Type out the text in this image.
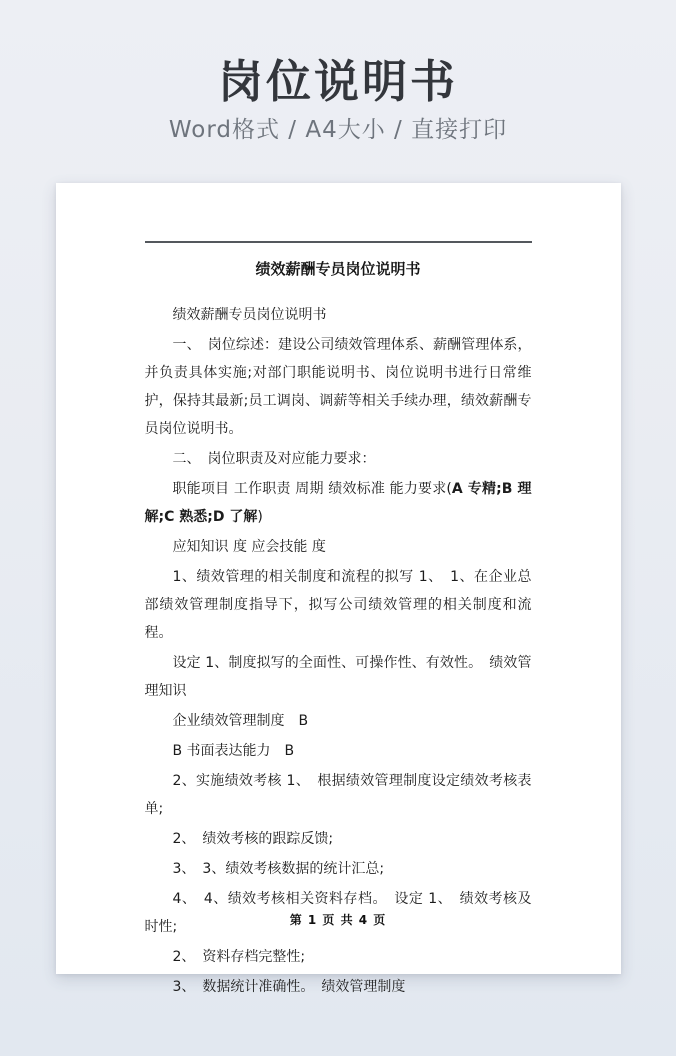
岗位说明书
Word格式 / A4大小 / 直接打印
绩效薪酬专员岗位说明书

绩效薪酬专员岗位说明书

一、　岗位综述：建设公司绩效管理体系、薪酬管理体系，并负责具体实施;对部门职能说明书、岗位说明书进行日常维护，保持其最新;员工调岗、调薪等相关手续办理，绩效薪酬专员岗位说明书。

二、　岗位职责及对应能力要求：

职能项目 工作职责 周期 绩效标准 能力要求(A 专精;B 理解;C 熟悉;D 了解)

应知知识 度 应会技能 度

1、绩效管理的相关制度和流程的拟写 1、　1、在企业总部绩效管理制度指导下，拟写公司绩效管理的相关制度和流程。

设定 1、制度拟写的全面性、可操作性、有效性。　绩效管理知识

企业绩效管理制度　B

B 书面表达能力　B

2、实施绩效考核 1、　根据绩效管理制度设定绩效考核表单;

2、　绩效考核的跟踪反馈;

3、　3、绩效考核数据的统计汇总;

4、　4、绩效考核相关资料存档。　设定 1、　绩效考核及时性;

2、　资料存档完整性;

3、　数据统计准确性。　绩效管理制度

第 1 页 共 4 页
